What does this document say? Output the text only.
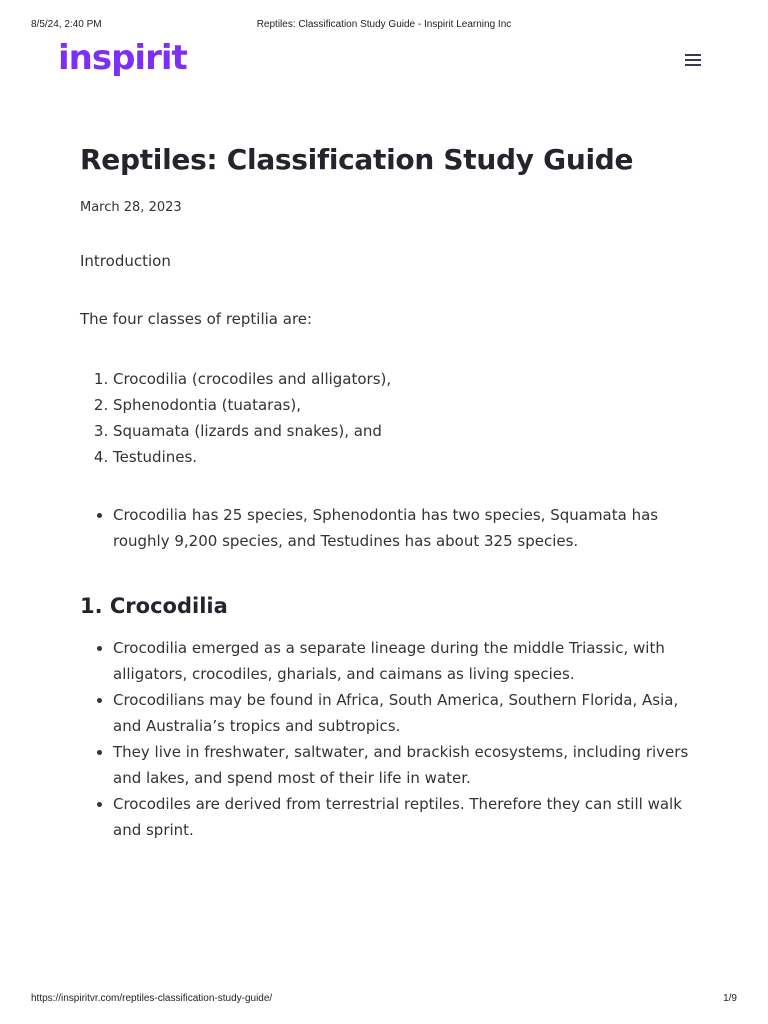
8/5/24, 2:40 PM	Reptiles: Classification Study Guide - Inspirit Learning Inc
inspirit
Reptiles: Classification Study Guide
March 28, 2023
Introduction
The four classes of reptilia are:
1. Crocodilia (crocodiles and alligators),
2. Sphenodontia (tuataras),
3. Squamata (lizards and snakes), and
4. Testudines.
• Crocodilia has 25 species, Sphenodontia has two species, Squamata has roughly 9,200 species, and Testudines has about 325 species.
1. Crocodilia
• Crocodilia emerged as a separate lineage during the middle Triassic, with alligators, crocodiles, gharials, and caimans as living species.
• Crocodilians may be found in Africa, South America, Southern Florida, Asia, and Australia’s tropics and subtropics.
• They live in freshwater, saltwater, and brackish ecosystems, including rivers and lakes, and spend most of their life in water.
• Crocodiles are derived from terrestrial reptiles. Therefore they can still walk and sprint.
https://inspiritvr.com/reptiles-classification-study-guide/	1/9
